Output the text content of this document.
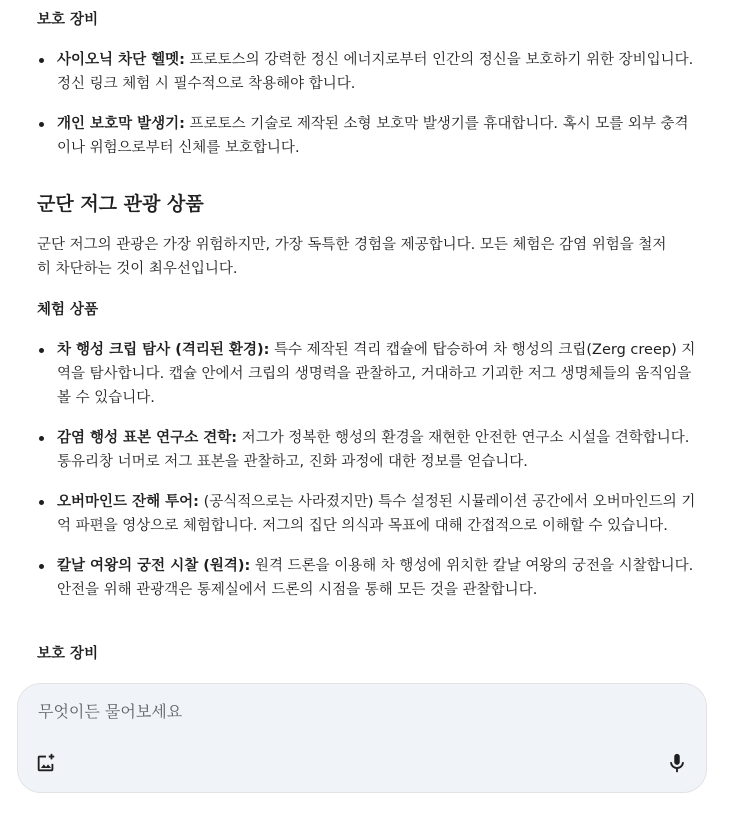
보호 장비

사이오닉 차단 헬멧: 프로토스의 강력한 정신 에너지로부터 인간의 정신을 보호하기 위한 장비입니다. 정신 링크 체험 시 필수적으로 착용해야 합니다.
개인 보호막 발생기: 프로토스 기술로 제작된 소형 보호막 발생기를 휴대합니다. 혹시 모를 외부 충격이나 위험으로부터 신체를 보호합니다.
군단 저그 관광 상품

군단 저그의 관광은 가장 위험하지만, 가장 독특한 경험을 제공합니다. 모든 체험은 감염 위험을 철저히 차단하는 것이 최우선입니다.

체험 상품

차 행성 크립 탐사 (격리된 환경): 특수 제작된 격리 캡슐에 탑승하여 차 행성의 크립(Zerg creep) 지역을 탐사합니다. 캡슐 안에서 크립의 생명력을 관찰하고, 거대하고 기괴한 저그 생명체들의 움직임을 볼 수 있습니다.
감염 행성 표본 연구소 견학: 저그가 정복한 행성의 환경을 재현한 안전한 연구소 시설을 견학합니다. 통유리창 너머로 저그 표본을 관찰하고, 진화 과정에 대한 정보를 얻습니다.
오버마인드 잔해 투어: (공식적으로는 사라졌지만) 특수 설정된 시뮬레이션 공간에서 오버마인드의 기억 파편을 영상으로 체험합니다. 저그의 집단 의식과 목표에 대해 간접적으로 이해할 수 있습니다.
칼날 여왕의 궁전 시찰 (원격): 원격 드론을 이용해 차 행성에 위치한 칼날 여왕의 궁전을 시찰합니다. 안전을 위해 관광객은 통제실에서 드론의 시점을 통해 모든 것을 관찰합니다.

보호 장비

무엇이든 물어보세요
